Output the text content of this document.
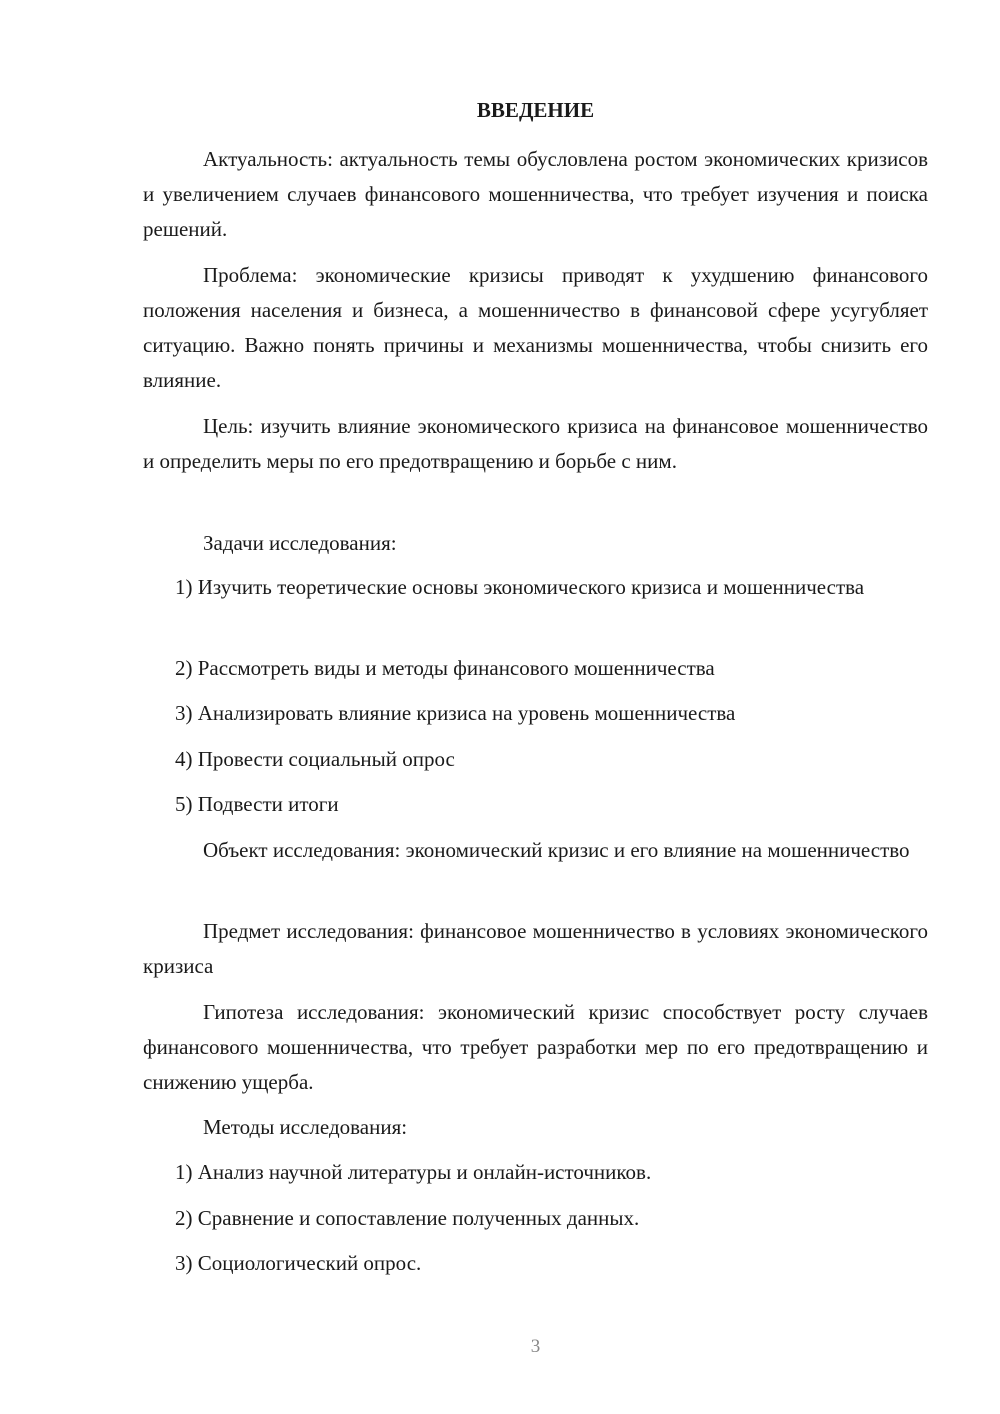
ВВЕДЕНИЕ

Актуальность: актуальность темы обусловлена ростом экономических кризисов и увеличением случаев финансового мошенничества, что требует изучения и поиска решений.

Проблема: экономические кризисы приводят к ухудшению финансового положения населения и бизнеса, а мошенничество в финансовой сфере усугубляет ситуацию. Важно понять причины и механизмы мошенничества, чтобы снизить его влияние.

Цель: изучить влияние экономического кризиса на финансовое мошенничество и определить меры по его предотвращению и борьбе с ним.

Задачи исследования:

1) Изучить теоретические основы экономического кризиса и мошенничества

2) Рассмотреть виды и методы финансового мошенничества

3) Анализировать влияние кризиса на уровень мошенничества

4) Провести социальный опрос

5) Подвести итоги

Объект исследования: экономический кризис и его влияние на мошенничество

Предмет исследования: финансовое мошенничество в условиях экономического кризиса

Гипотеза исследования: экономический кризис способствует росту случаев финансового мошенничества, что требует разработки мер по его предотвращению и снижению ущерба.

Методы исследования:

1) Анализ научной литературы и онлайн-источников.

2) Сравнение и сопоставление полученных данных.

3) Социологический опрос.

3
